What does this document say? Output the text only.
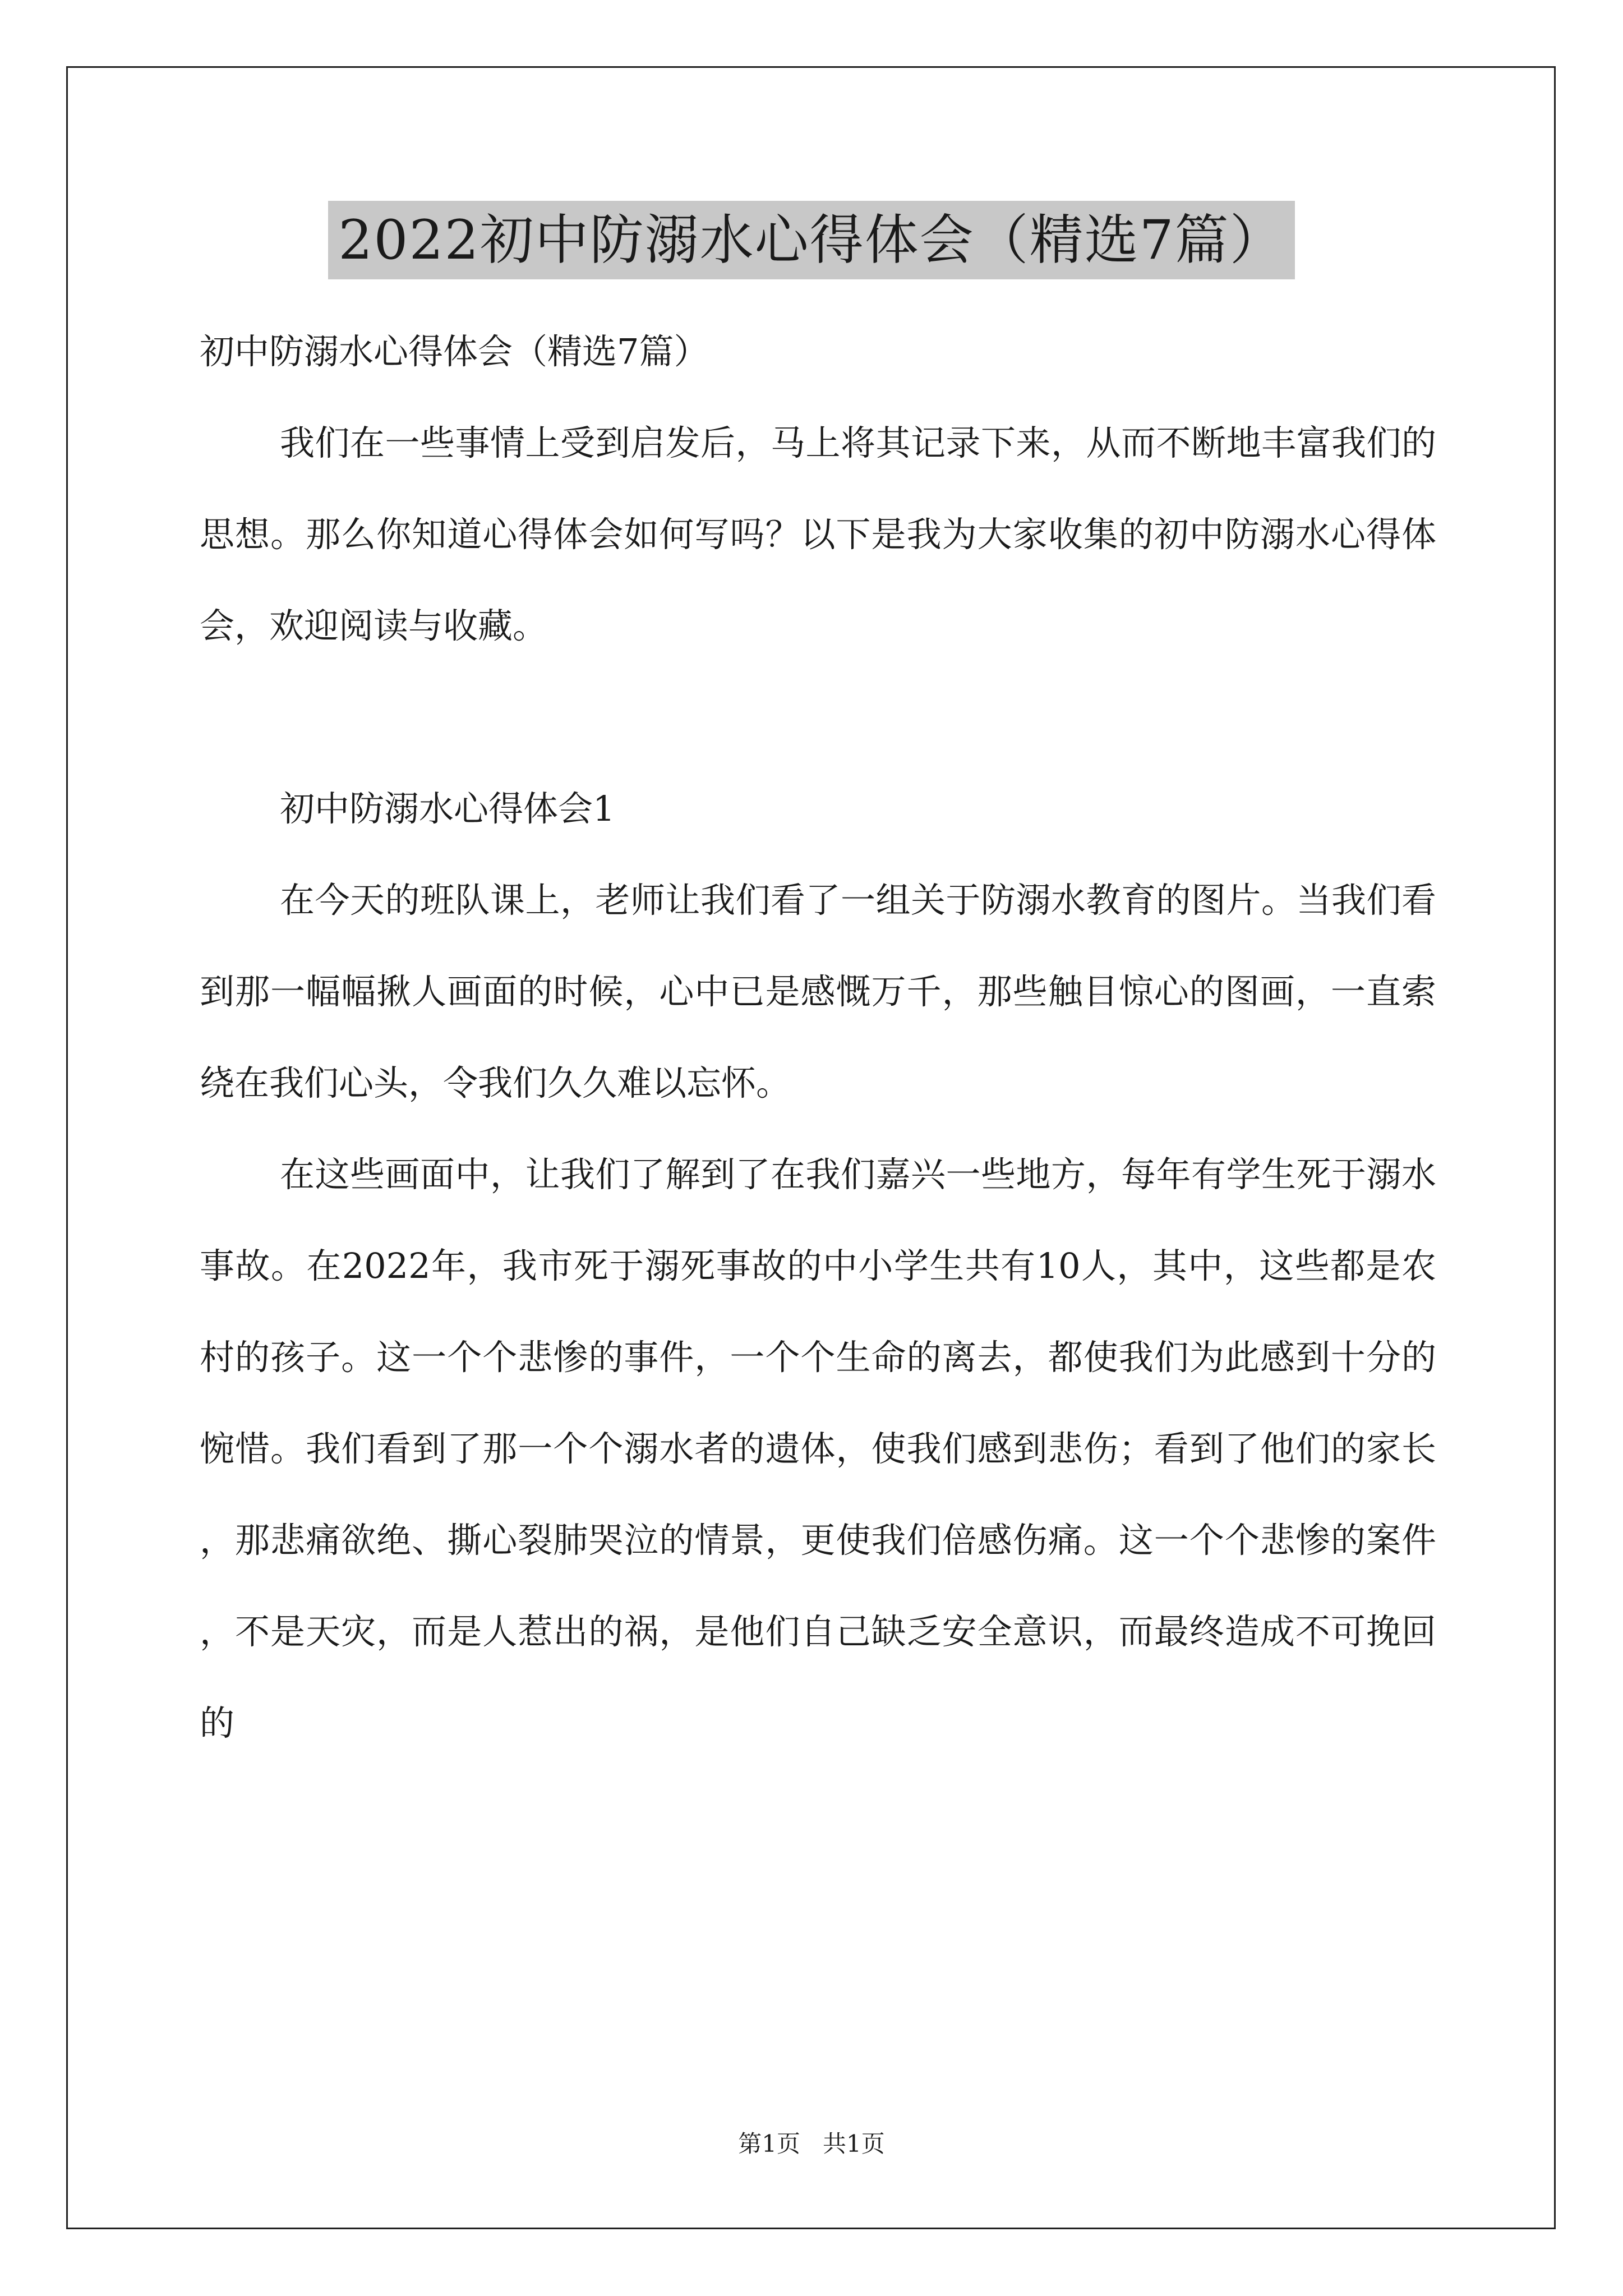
2022初中防溺水心得体会（精选7篇）

初中防溺水心得体会（精选7篇）

我们在一些事情上受到启发后，马上将其记录下来，从而不断地丰富我们的思想。那么你知道心得体会如何写吗？以下是我为大家收集的初中防溺水心得体会，欢迎阅读与收藏。

初中防溺水心得体会1

在今天的班队课上，老师让我们看了一组关于防溺水教育的图片。当我们看到那一幅幅揪人画面的时候，心中已是感慨万千，那些触目惊心的图画，一直索绕在我们心头，令我们久久难以忘怀。

在这些画面中，让我们了解到了在我们嘉兴一些地方，每年有学生死于溺水事故。在2022年，我市死于溺死事故的中小学生共有10人，其中，这些都是农村的孩子。这一个个悲惨的事件，一个个生命的离去，都使我们为此感到十分的惋惜。我们看到了那一个个溺水者的遗体，使我们感到悲伤；看到了他们的家长，那悲痛欲绝、撕心裂肺哭泣的情景，更使我们倍感伤痛。这一个个悲惨的案件，不是天灾，而是人惹出的祸，是他们自己缺乏安全意识，而最终造成不可挽回的

第1页   共1页
